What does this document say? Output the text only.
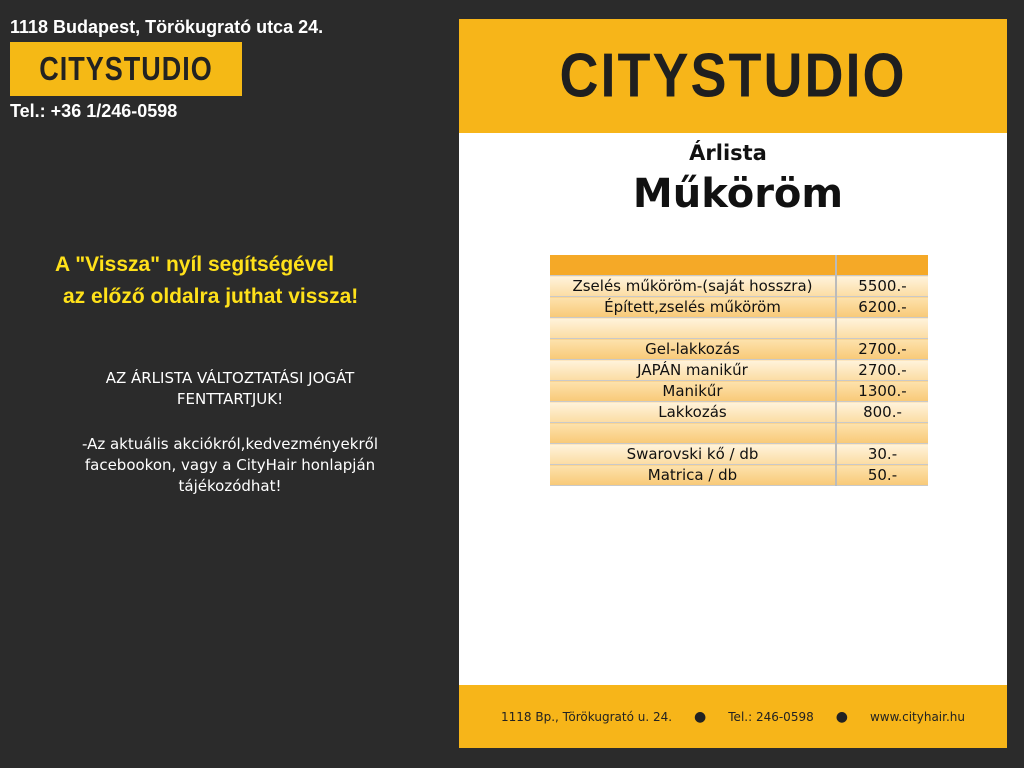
1118 Budapest, Törökugrató utca 24.
CITYSTUDIO
Tel.: +36 1/246-0598
A "Vissza" nyíl segítségével
az előző oldalra juthat vissza!
AZ ÁRLISTA VÁLTOZTATÁSI JOGÁT
FENTTARTJUK!
-Az aktuális akciókról,kedvezményekről
facebookon, vagy a CityHair honlapján
tájékozódhat!
CITYSTUDIO
Árlista
Műköröm

Zselés műköröm-(saját hosszra)	5500.-
Épített,zselés műköröm	6200.-

Gel-lakkozás	2700.-
JAPÁN manikűr	2700.-
Manikűr	1300.-
Lakkozás	800.-

Swarovski kő / db	30.-
Matrica / db	50.-
1118 Bp., Törökugrató u. 24. ● Tel.: 246-0598 ● www.cityhair.hu
